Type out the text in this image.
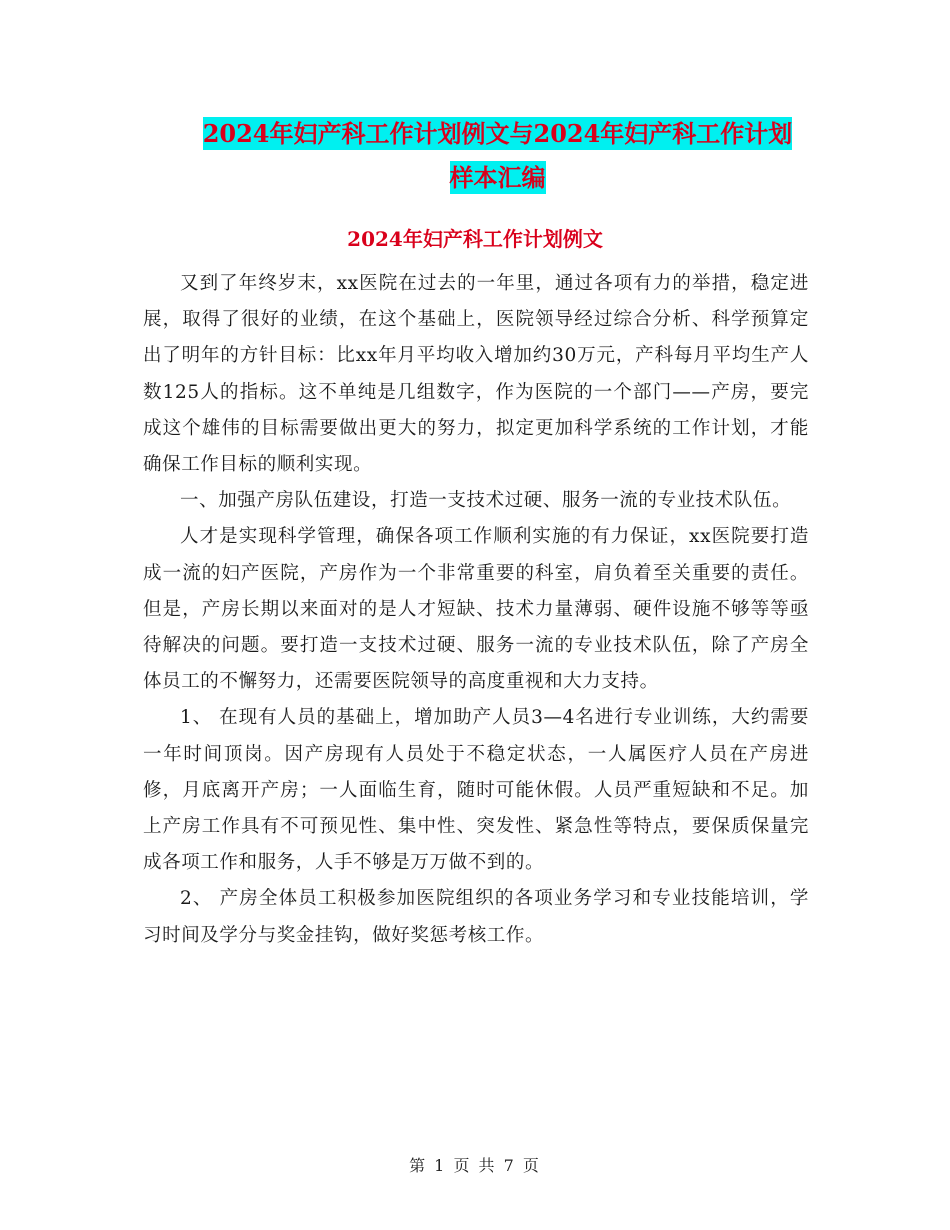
2024年妇产科工作计划例文与2024年妇产科工作计划
样本汇编
2024年妇产科工作计划例文

又到了年终岁末，xx医院在过去的一年里，通过各项有力的举措，稳定进展，取得了很好的业绩，在这个基础上，医院领导经过综合分析、科学预算定出了明年的方针目标：比xx年月平均收入增加约30万元，产科每月平均生产人数125人的指标。这不单纯是几组数字，作为医院的一个部门——产房，要完成这个雄伟的目标需要做出更大的努力，拟定更加科学系统的工作计划，才能确保工作目标的顺利实现。

一、加强产房队伍建设，打造一支技术过硬、服务一流的专业技术队伍。

人才是实现科学管理，确保各项工作顺利实施的有力保证，xx医院要打造成一流的妇产医院，产房作为一个非常重要的科室，肩负着至关重要的责任。但是，产房长期以来面对的是人才短缺、技术力量薄弱、硬件设施不够等等亟待解决的问题。要打造一支技术过硬、服务一流的专业技术队伍，除了产房全体员工的不懈努力，还需要医院领导的高度重视和大力支持。

1、 在现有人员的基础上，增加助产人员3—4名进行专业训练，大约需要一年时间顶岗。因产房现有人员处于不稳定状态，一人属医疗人员在产房进修，月底离开产房；一人面临生育，随时可能休假。人员严重短缺和不足。加上产房工作具有不可预见性、集中性、突发性、紧急性等特点，要保质保量完成各项工作和服务，人手不够是万万做不到的。

2、 产房全体员工积极参加医院组织的各项业务学习和专业技能培训，学习时间及学分与奖金挂钩，做好奖惩考核工作。

第 1 页 共 7 页
